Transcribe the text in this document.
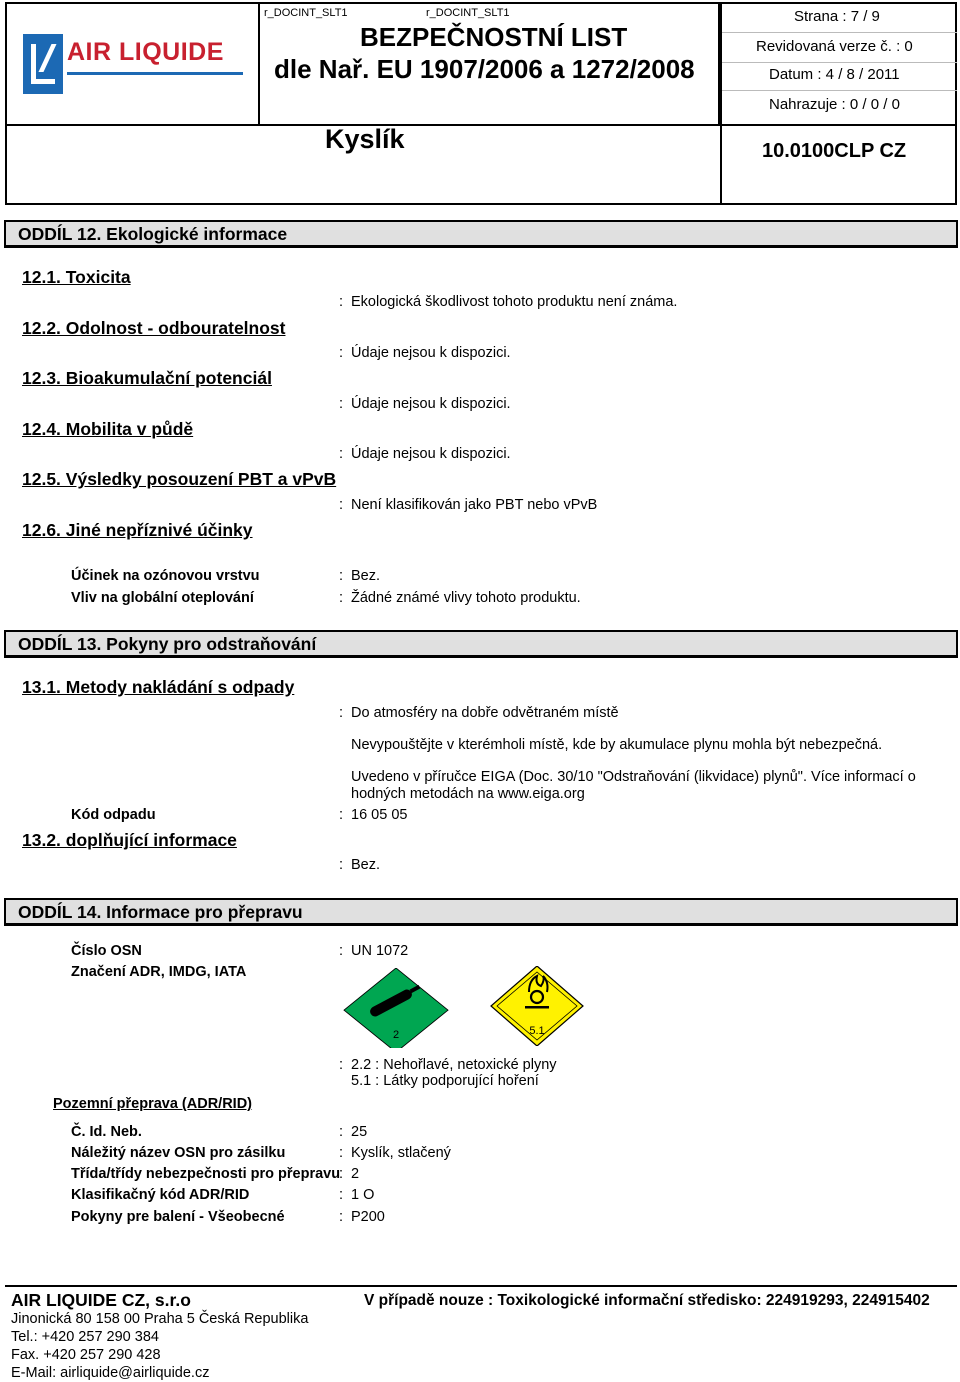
AIR LIQUIDE
r_DOCINT_SLT1	r_DOCINT_SLT1
BEZPEČNOSTNÍ LIST
dle Nař. EU 1907/2006 a 1272/2008
Kyslík
Strana : 7 / 9
Revidovaná verze č. : 0
Datum : 4 / 8 / 2011
Nahrazuje : 0 / 0 / 0
10.0100CLP CZ
ODDÍL 12. Ekologické informace
12.1. Toxicita
: Ekologická škodlivost tohoto produktu není známa.
12.2. Odolnost - odbouratelnost
: Údaje nejsou k dispozici.
12.3. Bioakumulační potenciál
: Údaje nejsou k dispozici.
12.4. Mobilita v půdě
: Údaje nejsou k dispozici.
12.5. Výsledky posouzení PBT a vPvB
: Není klasifikován jako PBT nebo vPvB
12.6. Jiné nepříznivé účinky
Účinek na ozónovou vrstvu	: Bez.
Vliv na globální oteplování	: Žádné známé vlivy tohoto produktu.
ODDÍL 13. Pokyny pro odstraňování
13.1. Metody nakládání s odpady
: Do atmosféry na dobře odvětraném místě
Nevypouštějte v kterémholi místě, kde by akumulace plynu mohla být nebezpečná.
Uvedeno v příručce EIGA (Doc. 30/10 "Odstraňování (likvidace) plynů". Více informací o
hodných metodách na www.eiga.org
Kód odpadu	: 16 05 05
13.2. doplňující informace
: Bez.
ODDÍL 14. Informace pro přepravu
Číslo OSN	: UN 1072
Značení ADR, IMDG, IATA
2	5.1
: 2.2 : Nehořlavé, netoxické plyny
5.1 : Látky podporující hoření
Pozemní přeprava (ADR/RID)
Č. Id. Neb.	: 25
Náležitý název OSN pro zásilku	: Kyslík, stlačený
Třída/třídy nebezpečnosti pro přepravu
: 2
Klasifikačný kód ADR/RID	: 1 O
Pokyny pre balení - Všeobecné	: P200
AIR LIQUIDE CZ, s.r.o	V případě nouze : Toxikologické informační středisko: 224919293, 224915402
Jinonická 80 158 00 Praha 5 Česká Republika
Tel.: +420 257 290 384
Fax. +420 257 290 428
E-Mail: airliquide@airliquide.cz
